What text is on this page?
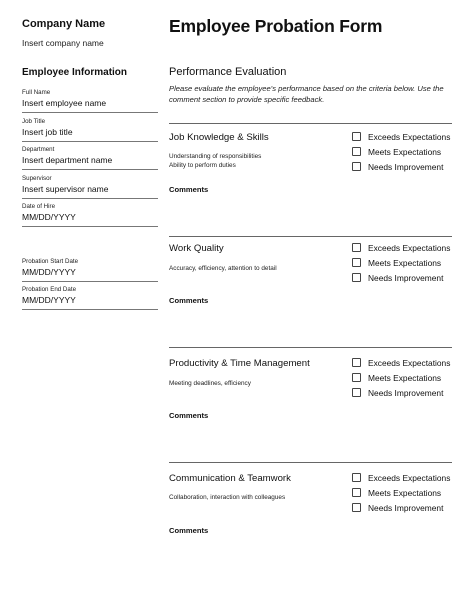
Company Name
Insert company name
Employee Information
Full Name
Insert employee name
Job Title
Insert job title
Department
Insert department name
Supervisor
Insert supervisor name
Date of Hire
MM/DD/YYYY
Probation Start Date
MM/DD/YYYY
Probation End Date
MM/DD/YYYY
Employee Probation Form
Performance Evaluation
Please evaluate the employee's performance based on the criteria below. Use the comment section to provide specific feedback.
Job Knowledge & Skills
Understanding of responsibilities
Ability to perform duties
Comments
Exceeds Expectations
Meets Expectations
Needs Improvement
Work Quality
Accuracy, efficiency, attention to detail
Comments
Exceeds Expectations
Meets Expectations
Needs Improvement
Productivity & Time Management
Meeting deadlines, efficiency
Comments
Exceeds Expectations
Meets Expectations
Needs Improvement
Communication & Teamwork
Collaboration, interaction with colleagues
Comments
Exceeds Expectations
Meets Expectations
Needs Improvement
